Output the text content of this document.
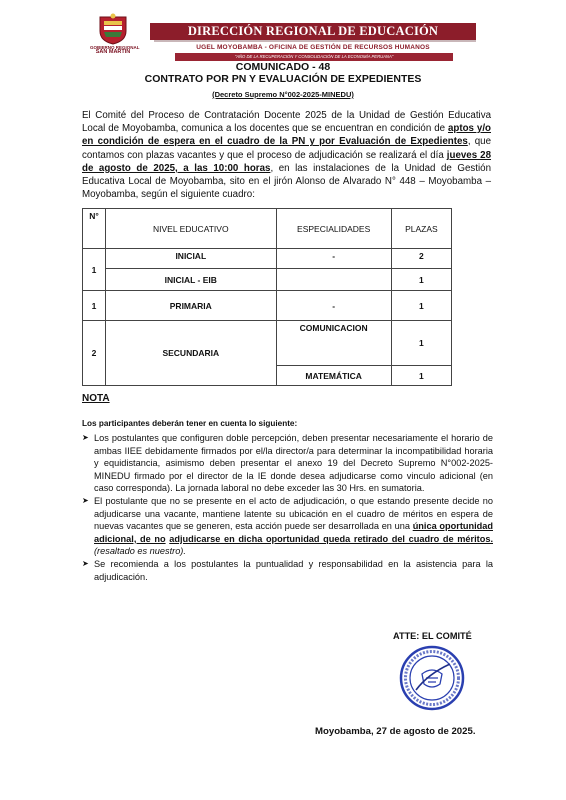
GOBIERNO REGIONAL
SAN MARTIN
DIRECCIÓN REGIONAL DE EDUCACIÓN
UGEL MOYOBAMBA - OFICINA DE GESTIÓN DE RECURSOS HUMANOS
"AÑO DE LA RECUPERACIÓN Y CONSOLIDACIÓN DE LA ECONOMÍA PERUANA"
COMUNICADO - 48
CONTRATO POR PN Y EVALUACIÓN DE EXPEDIENTES
(Decreto Supremo N°002-2025-MINEDU)
El Comité del Proceso de Contratación Docente 2025 de la Unidad de Gestión Educativa Local de Moyobamba, comunica a los docentes que se encuentran en condición de aptos y/o en condición de espera en el cuadro de la PN y por Evaluación de Expedientes, que contamos con plazas vacantes y que el proceso de adjudicación se realizará el día jueves 28 de agosto de 2025, a las 10:00 horas, en las instalaciones de la Unidad de Gestión Educativa Local de Moyobamba, sito en el jirón Alonso de Alvarado N° 448 – Moyobamba – Moyobamba, según el siguiente cuadro:
N°	NIVEL EDUCATIVO	ESPECIALIDADES	PLAZAS
1	INICIAL	-	2
	INICIAL - EIB		1
1	PRIMARIA	-	1
2	SECUNDARIA	COMUNICACION	1
		MATEMÁTICA	1
NOTA
Los participantes deberán tener en cuenta lo siguiente:
➤ Los postulantes que configuren doble percepción, deben presentar necesariamente el horario de ambas IIEE debidamente firmados por el/la director/a para determinar la incompatibilidad horaria y equidistancia, asimismo deben presentar el anexo 19 del Decreto Supremo N°002-2025-MINEDU firmado por el director de la IE donde desea adjudicarse como vinculo adicional (en caso corresponda). La jornada laboral no debe exceder las 30 Hrs. en sumatoria.
➤ El postulante que no se presente en el acto de adjudicación, o que estando presente decide no adjudicarse una vacante, mantiene latente su ubicación en el cuadro de méritos en espera de nuevas vacantes que se generen, esta acción puede ser desarrollada en una única oportunidad adicional, de no adjudicarse en dicha oportunidad queda retirado del cuadro de méritos. (resaltado es nuestro).
➤ Se recomienda a los postulantes la puntualidad y responsabilidad en la asistencia para la adjudicación.
ATTE: EL COMITÉ
Moyobamba, 27 de agosto de 2025.
